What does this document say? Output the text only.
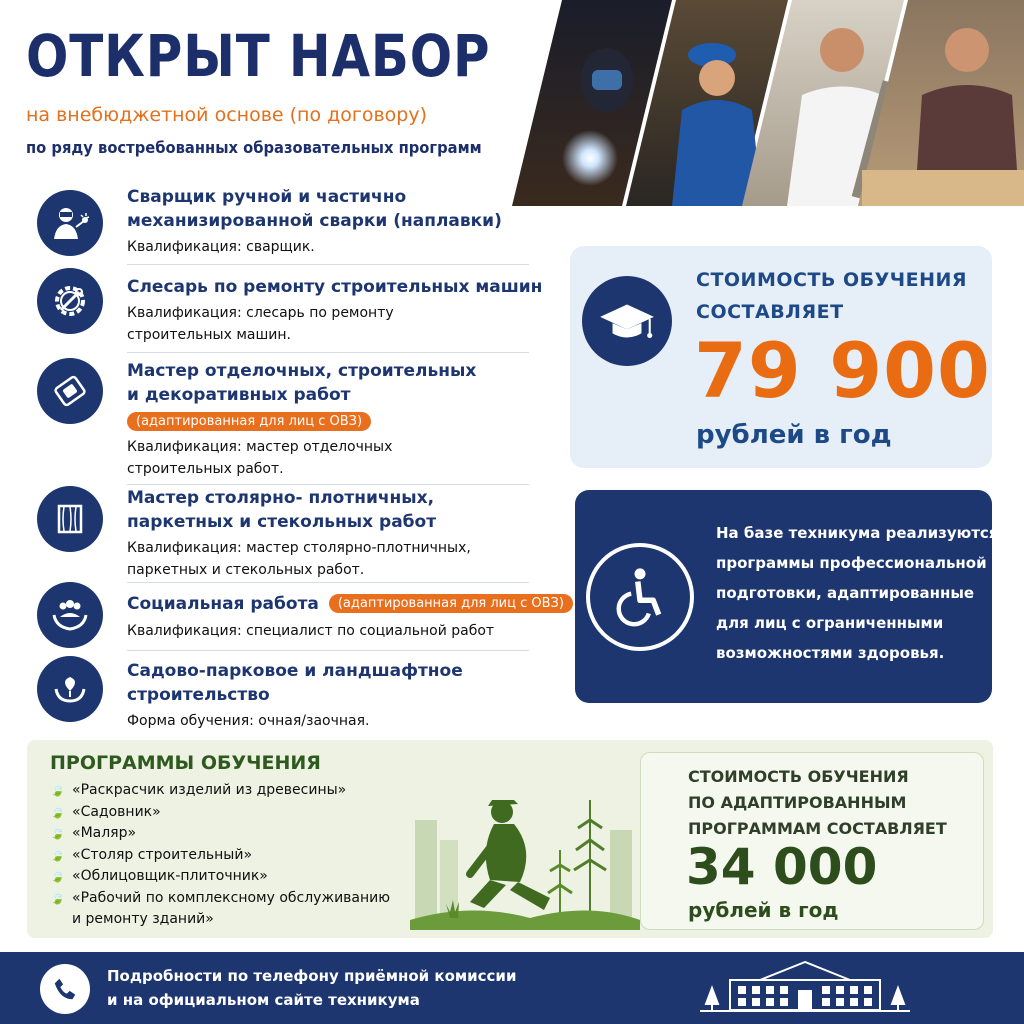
ОТКРЫТ НАБОР
на внебюджетной основе (по договору)
по ряду востребованных образовательных программ
Сварщик ручной и частично
механизированной сварки (наплавки)
Квалификация: сварщик.
Слесарь по ремонту строительных машин
Квалификация: слесарь по ремонту
строительных машин.
Мастер отделочных, строительных
и декоративных работ
(адаптированная для лиц с ОВЗ)
Квалификация: мастер отделочных
строительных работ.
Мастер столярно- плотничных,
паркетных и стекольных работ
Квалификация: мастер столярно-плотничных,
паркетных и стекольных работ.
Социальная работа (адаптированная для лиц с ОВЗ)
Квалификация: специалист по социальной работ
Садово-парковое и ландшафтное
строительство
Форма обучения: очная/заочная.
СТОИМОСТЬ ОБУЧЕНИЯ
СОСТАВЛЯЕТ
79 900
рублей в год
На базе техникума реализуются
программы профессиональной
подготовки, адаптированные
для лиц с ограниченными
возможностями здоровья.
ПРОГРАММЫ ОБУЧЕНИЯ
🍃 «Раскрасчик изделий из древесины»
🍃 «Садовник»
🍃 «Маляр»
🍃 «Столяр строительный»
🍃 «Облицовщик-плиточник»
🍃 «Рабочий по комплексному обслуживанию
и ремонту зданий»
СТОИМОСТЬ ОБУЧЕНИЯ
ПО АДАПТИРОВАННЫМ
ПРОГРАММАМ СОСТАВЛЯЕТ
34 000
рублей в год
Подробности по телефону приёмной комиссии
и на официальном сайте техникума
